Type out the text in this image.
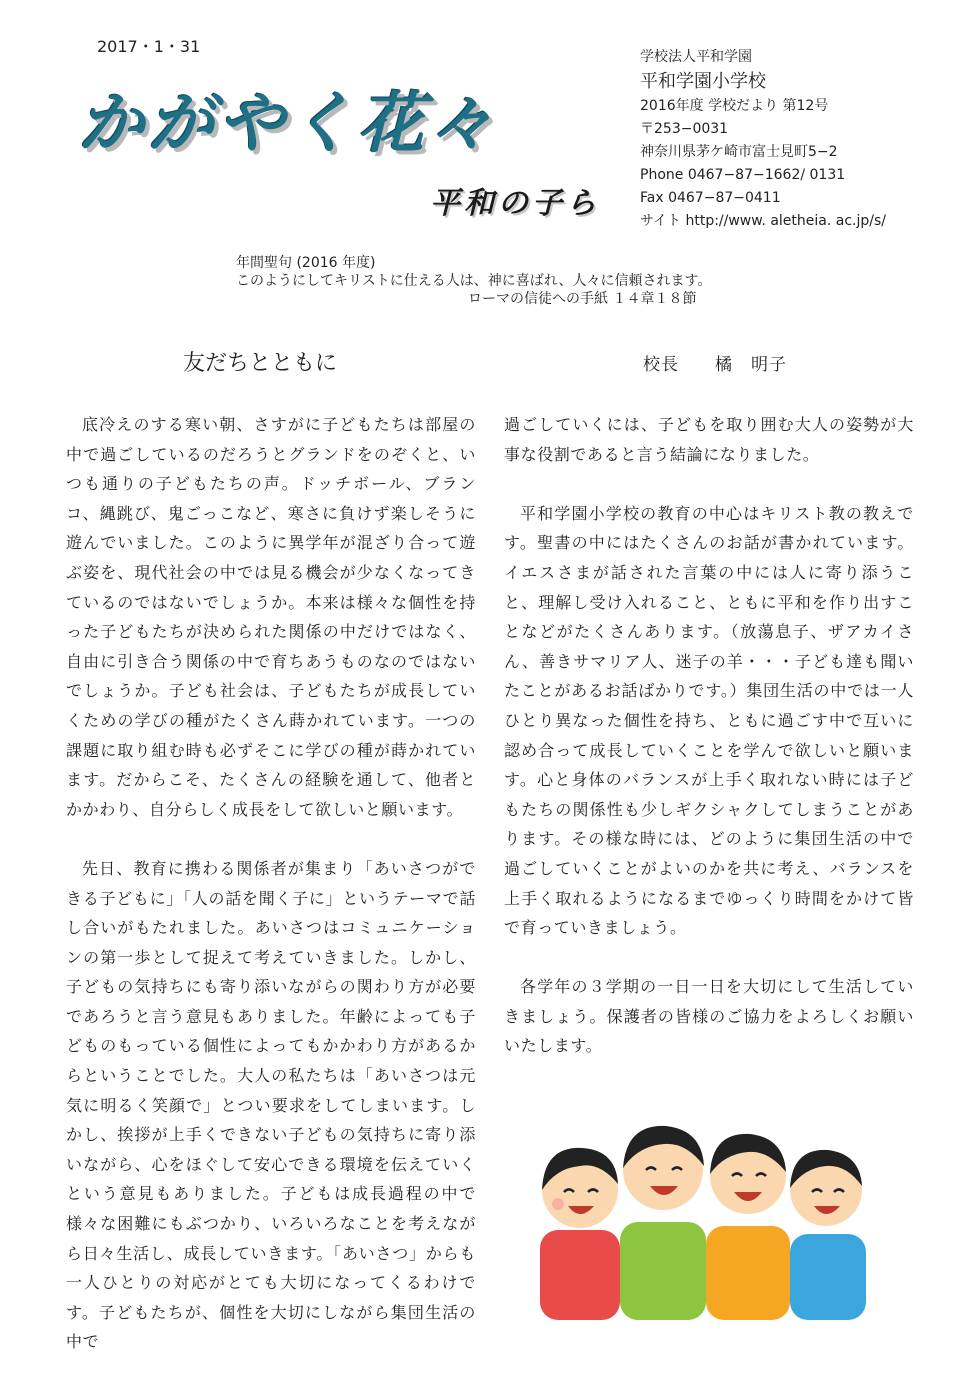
2017・1・31
かがやく花々
平和の子ら
学校法人平和学園
平和学園小学校
2016年度 学校だより 第12号
〒253−0031
神奈川県茅ケ崎市富士見町5−2
Phone 0467−87−1662/ 0131
Fax 0467−87−0411
サイト http://www. aletheia. ac.jp/s/
年間聖句 (2016 年度)
このようにしてキリストに仕える人は、神に喜ばれ、人々に信頼されます。
ローマの信徒への手紙 １４章１８節
友だちとともに	校長　　橘　明子

底冷えのする寒い朝、さすがに子どもたちは部屋の中で過ごしているのだろうとグランドをのぞくと、いつも通りの子どもたちの声。ドッチボール、ブランコ、縄跳び、鬼ごっこなど、寒さに負けず楽しそうに遊んでいました。このように異学年が混ざり合って遊ぶ姿を、現代社会の中では見る機会が少なくなってきているのではないでしょうか。本来は様々な個性を持った子どもたちが決められた関係の中だけではなく、自由に引き合う関係の中で育ちあうものなのではないでしょうか。子ども社会は、子どもたちが成長していくための学びの種がたくさん蒔かれています。一つの課題に取り組む時も必ずそこに学びの種が蒔かれています。だからこそ、たくさんの経験を通して、他者とかかわり、自分らしく成長をして欲しいと願います。

先日、教育に携わる関係者が集まり「あいさつができる子どもに」「人の話を聞く子に」というテーマで話し合いがもたれました。あいさつはコミュニケーションの第一歩として捉えて考えていきました。しかし、子どもの気持ちにも寄り添いながらの関わり方が必要であろうと言う意見もありました。年齢によっても子どものもっている個性によってもかかわり方があるからということでした。大人の私たちは「あいさつは元気に明るく笑顔で」とつい要求をしてしまいます。しかし、挨拶が上手くできない子どもの気持ちに寄り添いながら、心をほぐして安心できる環境を伝えていくという意見もありました。子どもは成長過程の中で様々な困難にもぶつかり、いろいろなことを考えながら日々生活し、成長していきます。「あいさつ」からも一人ひとりの対応がとても大切になってくるわけです。子どもたちが、個性を大切にしながら集団生活の中で

過ごしていくには、子どもを取り囲む大人の姿勢が大事な役割であると言う結論になりました。

平和学園小学校の教育の中心はキリスト教の教えです。聖書の中にはたくさんのお話が書かれています。イエスさまが話された言葉の中には人に寄り添うこと、理解し受け入れること、ともに平和を作り出すことなどがたくさんあります。（放蕩息子、ザアカイさん、善きサマリア人、迷子の羊・・・子ども達も聞いたことがあるお話ばかりです。）集団生活の中では一人ひとり異なった個性を持ち、ともに過ごす中で互いに認め合って成長していくことを学んで欲しいと願います。心と身体のバランスが上手く取れない時には子どもたちの関係性も少しギクシャクしてしまうことがあります。その様な時には、どのように集団生活の中で過ごしていくことがよいのかを共に考え、バランスを上手く取れるようになるまでゆっくり時間をかけて皆で育っていきましょう。

各学年の３学期の一日一日を大切にして生活していきましょう。保護者の皆様のご協力をよろしくお願いいたします。
